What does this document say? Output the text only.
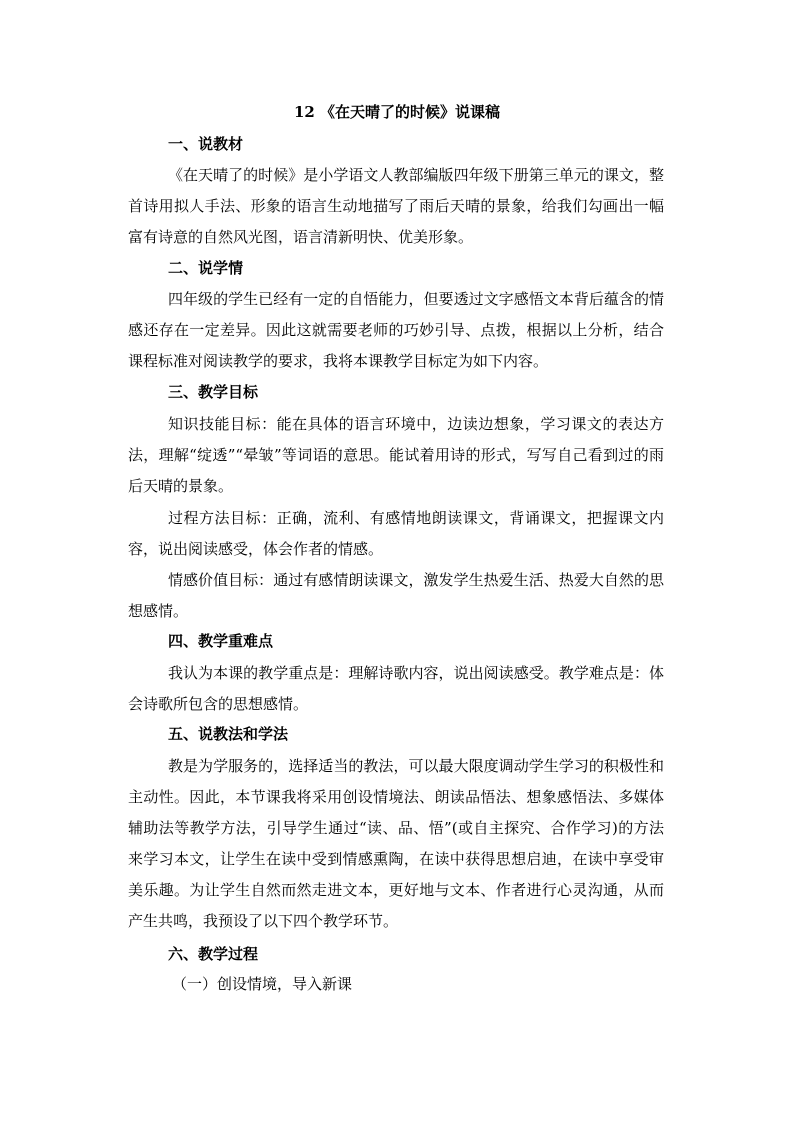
12 《在天晴了的时候》说课稿
一、说教材
《在天晴了的时候》是小学语文人教部编版四年级下册第三单元的课文，整首诗用拟人手法、形象的语言生动地描写了雨后天晴的景象，给我们勾画出一幅富有诗意的自然风光图，语言清新明快、优美形象。
二、说学情
四年级的学生已经有一定的自悟能力，但要透过文字感悟文本背后蕴含的情感还存在一定差异。因此这就需要老师的巧妙引导、点拨，根据以上分析，结合课程标准对阅读教学的要求，我将本课教学目标定为如下内容。
三、教学目标
知识技能目标：能在具体的语言环境中，边读边想象，学习课文的表达方法，理解“绽透”“晕皱”等词语的意思。能试着用诗的形式，写写自己看到过的雨后天晴的景象。
过程方法目标：正确，流利、有感情地朗读课文，背诵课文，把握课文内容，说出阅读感受，体会作者的情感。
情感价值目标：通过有感情朗读课文，激发学生热爱生活、热爱大自然的思想感情。
四、教学重难点
我认为本课的教学重点是：理解诗歌内容，说出阅读感受。教学难点是：体会诗歌所包含的思想感情。
五、说教法和学法
教是为学服务的，选择适当的教法，可以最大限度调动学生学习的积极性和主动性。因此，本节课我将采用创设情境法、朗读品悟法、想象感悟法、多媒体辅助法等教学方法，引导学生通过“读、品、悟”(或自主探究、合作学习)的方法来学习本文，让学生在读中受到情感熏陶，在读中获得思想启迪，在读中享受审美乐趣。为让学生自然而然走进文本，更好地与文本、作者进行心灵沟通，从而产生共鸣，我预设了以下四个教学环节。
六、教学过程
（一）创设情境，导入新课
